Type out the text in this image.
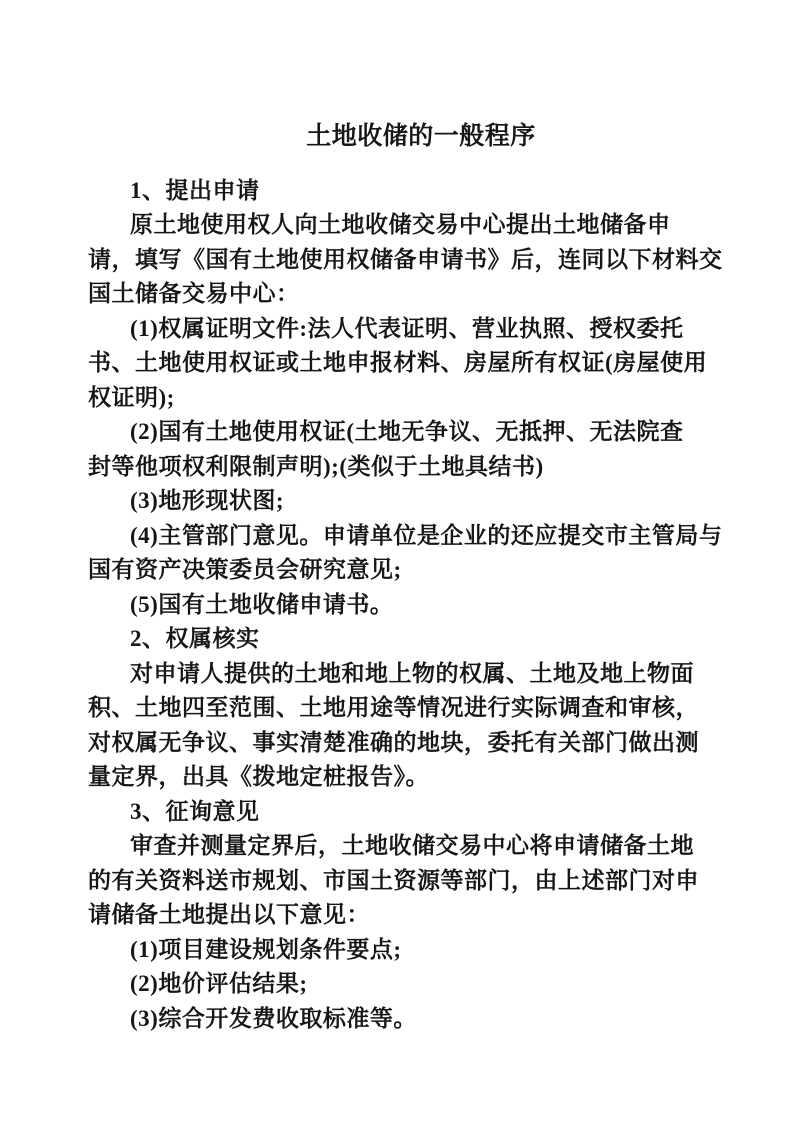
土地收储的一般程序
1、提出申请
原土地使用权人向土地收储交易中心提出土地储备申
请，填写《国有土地使用权储备申请书》后，连同以下材料交
国土储备交易中心：
(1)权属证明文件:法人代表证明、营业执照、授权委托
书、土地使用权证或土地申报材料、房屋所有权证(房屋使用
权证明);
(2)国有土地使用权证(土地无争议、无抵押、无法院查
封等他项权利限制声明);(类似于土地具结书)
(3)地形现状图;
(4)主管部门意见。申请单位是企业的还应提交市主管局与
国有资产决策委员会研究意见;
(5)国有土地收储申请书。
2、权属核实
对申请人提供的土地和地上物的权属、土地及地上物面
积、土地四至范围、土地用途等情况进行实际调查和审核，
对权属无争议、事实清楚准确的地块，委托有关部门做出测
量定界，出具《拨地定桩报告》。
3、征询意见
审查并测量定界后，土地收储交易中心将申请储备土地
的有关资料送市规划、市国土资源等部门，由上述部门对申
请储备土地提出以下意见：
(1)项目建设规划条件要点;
(2)地价评估结果;
(3)综合开发费收取标准等。
